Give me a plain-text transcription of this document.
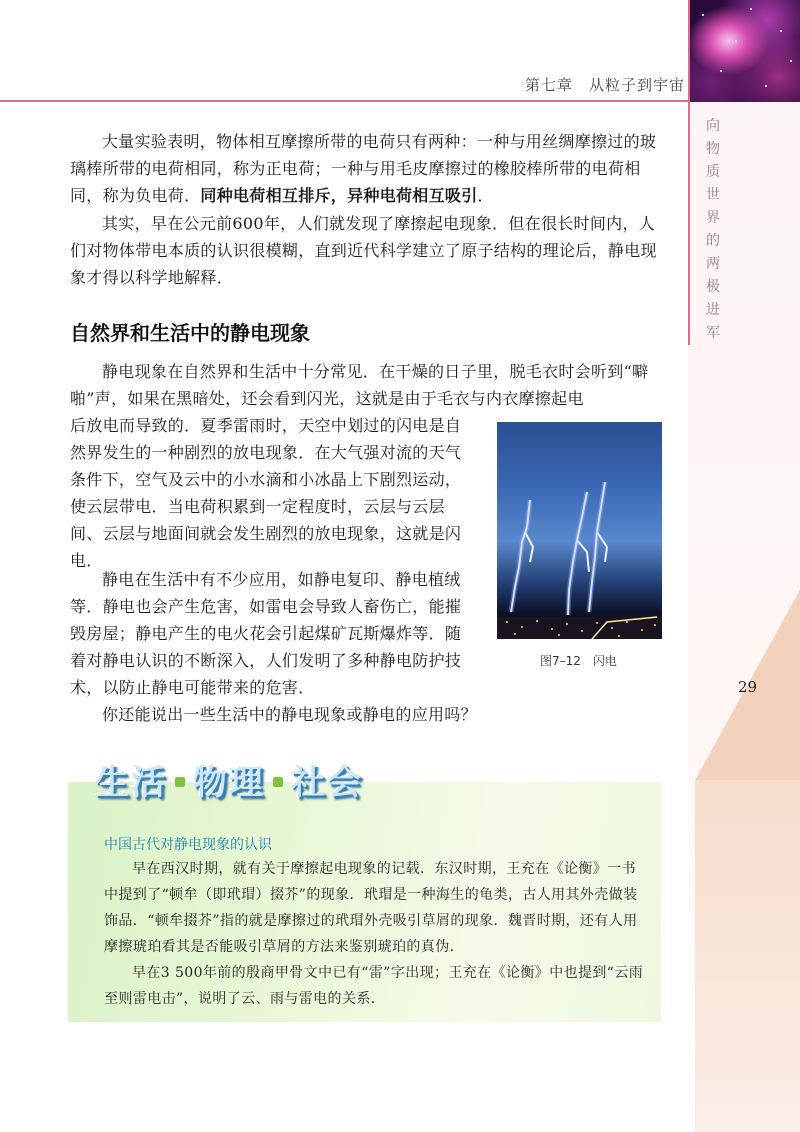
第七章　从粒子到宇宙
向
物
质
世
界
的
两
极
进
军
29
大量实验表明，物体相互摩擦所带的电荷只有两种：一种与用丝绸摩擦过的玻璃棒所带的电荷相同，称为正电荷；一种与用毛皮摩擦过的橡胶棒所带的电荷相同，称为负电荷．同种电荷相互排斥，异种电荷相互吸引．
其实，早在公元前600年，人们就发现了摩擦起电现象．但在很长时间内，人们对物体带电本质的认识很模糊，直到近代科学建立了原子结构的理论后，静电现象才得以科学地解释．
自然界和生活中的静电现象
静电现象在自然界和生活中十分常见．在干燥的日子里，脱毛衣时会听到“噼啪”声，如果在黑暗处，还会看到闪光，这就是由于毛衣与内衣摩擦起电
后放电而导致的．夏季雷雨时，天空中划过的闪电是自然界发生的一种剧烈的放电现象．在大气强对流的天气条件下，空气及云中的小水滴和小冰晶上下剧烈运动，使云层带电．当电荷积累到一定程度时，云层与云层间、云层与地面间就会发生剧烈的放电现象，这就是闪电．
静电在生活中有不少应用，如静电复印、静电植绒等．静电也会产生危害，如雷电会导致人畜伤亡，能摧毁房屋；静电产生的电火花会引起煤矿瓦斯爆炸等．随着对静电认识的不断深入，人们发明了多种静电防护技术，以防止静电可能带来的危害．
你还能说出一些生活中的静电现象或静电的应用吗？
图7–12　闪电
生活 物理 社会
中国古代对静电现象的认识
早在西汉时期，就有关于摩擦起电现象的记载．东汉时期，王充在《论衡》一书中提到了“顿牟（即玳瑁）掇芥”的现象．玳瑁是一种海生的龟类，古人用其外壳做装饰品．“顿牟掇芥”指的就是摩擦过的玳瑁外壳吸引草屑的现象．魏晋时期，还有人用摩擦琥珀看其是否能吸引草屑的方法来鉴别琥珀的真伪．
早在3 500年前的殷商甲骨文中已有“雷”字出现；王充在《论衡》中也提到“云雨至则雷电击”，说明了云、雨与雷电的关系．
